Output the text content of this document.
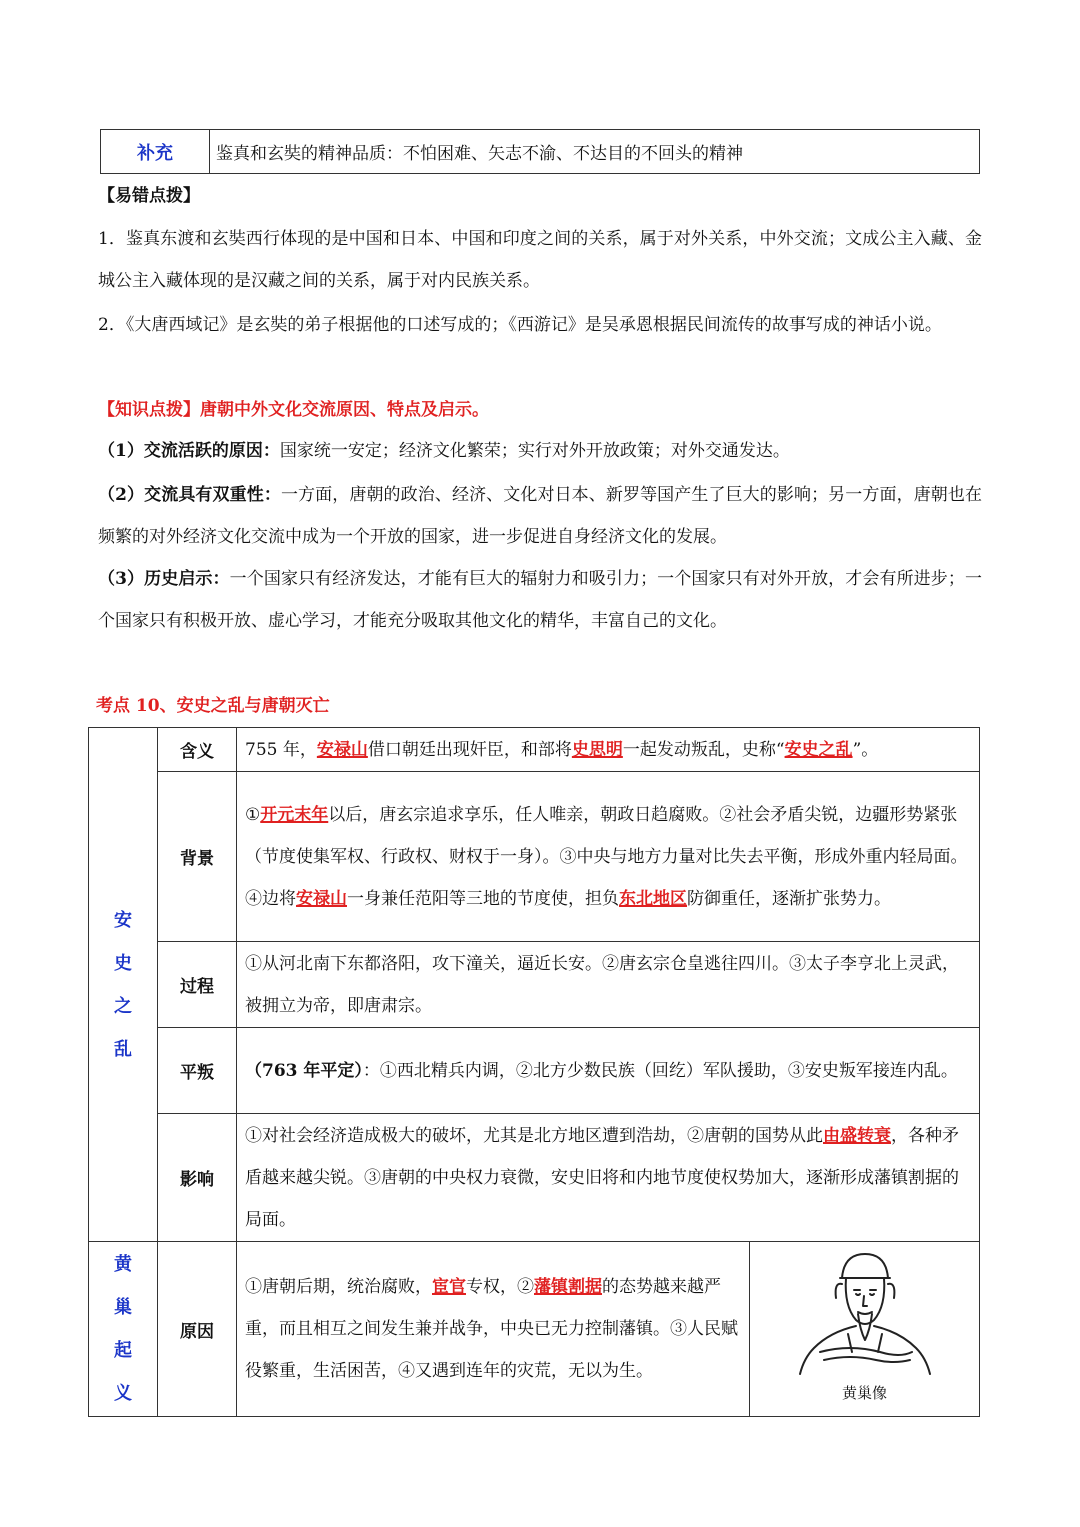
补充	鉴真和玄奘的精神品质：不怕困难、矢志不渝、不达目的不回头的精神
【易错点拨】
1．鉴真东渡和玄奘西行体现的是中国和日本、中国和印度之间的关系，属于对外关系，中外交流；文成公主入藏、金城公主入藏体现的是汉藏之间的关系，属于对内民族关系。
2．《大唐西域记》是玄奘的弟子根据他的口述写成的；《西游记》是吴承恩根据民间流传的故事写成的神话小说。
【知识点拨】唐朝中外文化交流原因、特点及启示。
（1）交流活跃的原因：国家统一安定；经济文化繁荣；实行对外开放政策；对外交通发达。
（2）交流具有双重性：一方面，唐朝的政治、经济、文化对日本、新罗等国产生了巨大的影响；另一方面，唐朝也在频繁的对外经济文化交流中成为一个开放的国家，进一步促进自身经济文化的发展。
（3）历史启示：一个国家只有经济发达，才能有巨大的辐射力和吸引力；一个国家只有对外开放，才会有所进步；一个国家只有积极开放、虚心学习，才能充分吸取其他文化的精华，丰富自己的文化。
考点 10、安史之乱与唐朝灭亡
安
史
之
乱	含义	755 年，安禄山借口朝廷出现奸臣，和部将史思明一起发动叛乱，史称“安史之乱”。	
	背景	①开元末年以后，唐玄宗追求享乐，任人唯亲，朝政日趋腐败。②社会矛盾尖锐，边疆形势紧张（节度使集军权、行政权、财权于一身）。③中央与地方力量对比失去平衡，形成外重内轻局面。④边将安禄山一身兼任范阳等三地的节度使，担负东北地区防御重任，逐渐扩张势力。	
	过程	①从河北南下东都洛阳，攻下潼关，逼近长安。②唐玄宗仓皇逃往四川。③太子李亨北上灵武，被拥立为帝，即唐肃宗。	
	平叛	（763 年平定）：①西北精兵内调，②北方少数民族（回纥）军队援助，③安史叛军接连内乱。	
	影响	①对社会经济造成极大的破坏，尤其是北方地区遭到浩劫，②唐朝的国势从此由盛转衰，各种矛盾越来越尖锐。③唐朝的中央权力衰微，安史旧将和内地节度使权势加大，逐渐形成藩镇割据的局面。	

黄
巢
起
义	原因	①唐朝后期，统治腐败，宦官专权，②藩镇割据的态势越来越严重，而且相互之间发生兼并战争，中央已无力控制藩镇。③人民赋役繁重，生活困苦，④又遇到连年的灾荒，无以为生。	黄巢像
